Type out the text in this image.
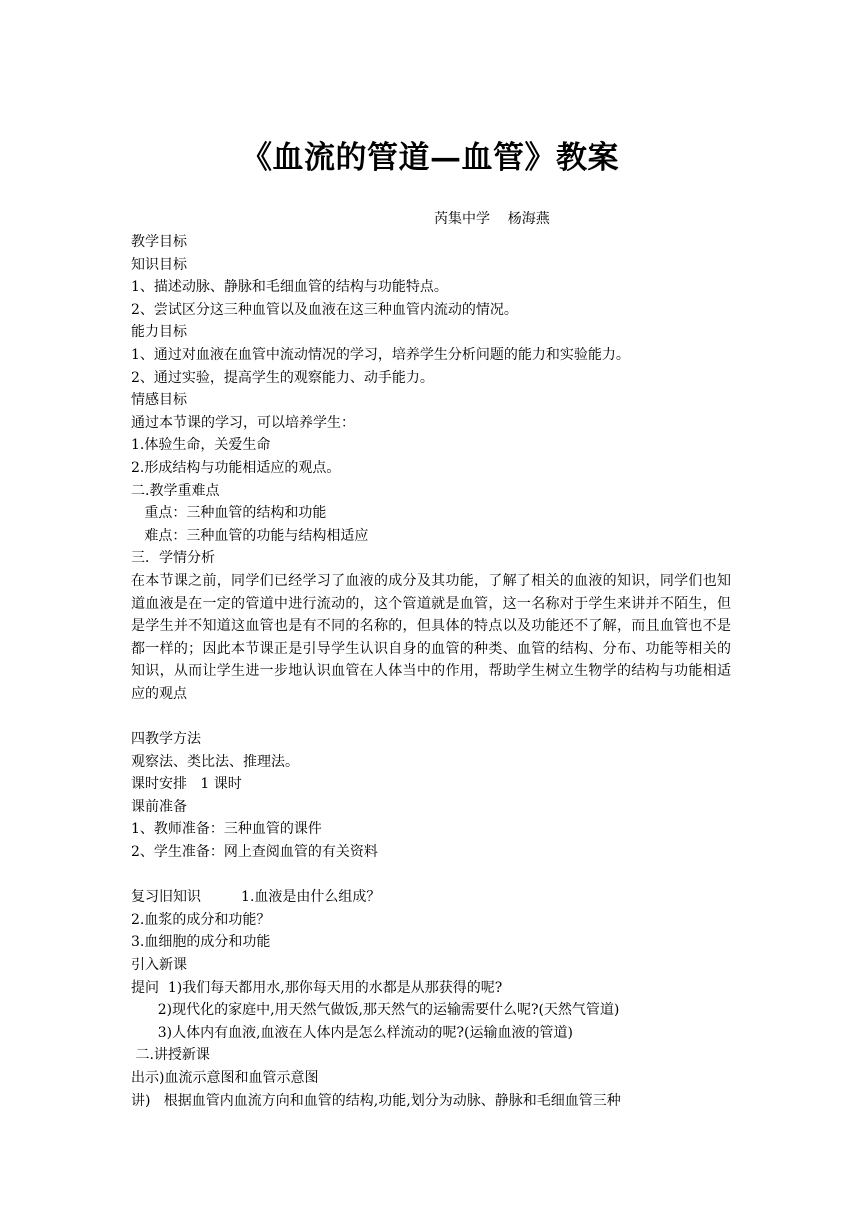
《血流的管道—血管》教案
芮集中学    杨海燕
教学目标
知识目标
1、描述动脉、静脉和毛细血管的结构与功能特点。
2、尝试区分这三种血管以及血液在这三种血管内流动的情况。
能力目标
1、通过对血液在血管中流动情况的学习，培养学生分析问题的能力和实验能力。
2、通过实验，提高学生的观察能力、动手能力。
情感目标
通过本节课的学习，可以培养学生：
1.体验生命，关爱生命
2.形成结构与功能相适应的观点。
二.教学重难点
重点：三种血管的结构和功能
难点：三种血管的功能与结构相适应
三．学情分析
在本节课之前，同学们已经学习了血液的成分及其功能，了解了相关的血液的知识，同学们也知道血液是在一定的管道中进行流动的，这个管道就是血管，这一名称对于学生来讲并不陌生，但是学生并不知道这血管也是有不同的名称的，但具体的特点以及功能还不了解，而且血管也不是都一样的；因此本节课正是引导学生认识自身的血管的种类、血管的结构、分布、功能等相关的知识，从而让学生进一步地认识血管在人体当中的作用，帮助学生树立生物学的结构与功能相适应的观点
四教学方法
观察法、类比法、推理法。
课时安排   1 课时
课前准备
1、教师准备：三种血管的课件
2、学生准备：网上查阅血管的有关资料
复习旧知识         1.血液是由什么组成？
2.血浆的成分和功能？
3.血细胞的成分和功能
引入新课
提问  1)我们每天都用水,那你每天用的水都是从那获得的呢?
2)现代化的家庭中,用天然气做饭,那天然气的运输需要什么呢?(天然气管道)
3)人体内有血液,血液在人体内是怎么样流动的呢?(运输血液的管道)
二.讲授新课
出示)血流示意图和血管示意图
讲)   根据血管内血流方向和血管的结构,功能,划分为动脉、静脉和毛细血管三种
